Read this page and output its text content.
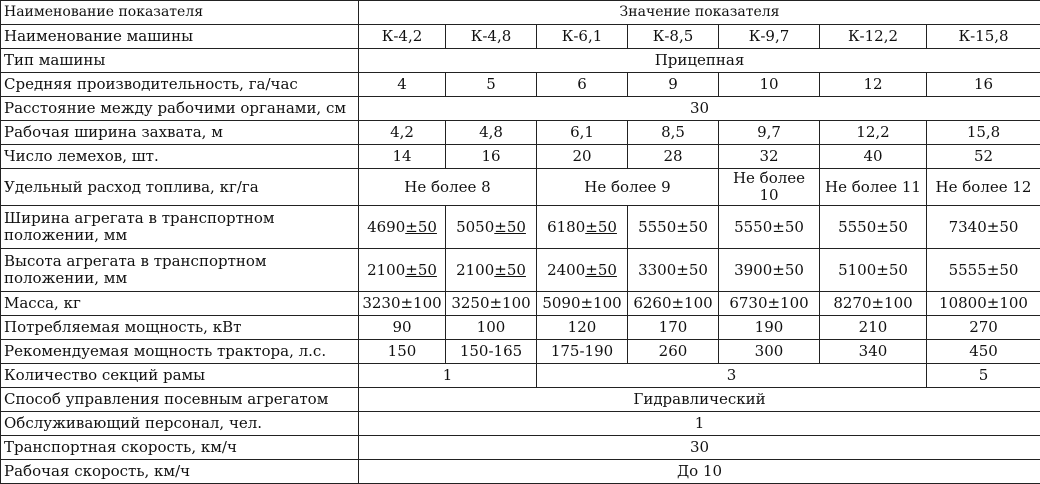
Наименование показателя	Значение показателя						
Наименование машины	К-4,2	К-4,8	К-6,1	К-8,5	К-9,7	К-12,2	К-15,8
Тип машины	Прицепная						
Средняя производительность, га/час	4	5	6	9	10	12	16
Расстояние между рабочими органами, см	30						
Рабочая ширина захвата, м	4,2	4,8	6,1	8,5	9,7	12,2	15,8
Число лемехов, шт.	14	16	20	28	32	40	52
Удельный расход топлива, кг/га	Не более 8		Не более 9		Не более 10	Не более 11	Не более 12
Ширина агрегата в транспортном положении, мм	4690±50	5050±50	6180±50	5550±50	5550±50	5550±50	7340±50
Высота агрегата в транспортном положении, мм	2100±50	2100±50	2400±50	3300±50	3900±50	5100±50	5555±50
Масса, кг	3230±100	3250±100	5090±100	6260±100	6730±100	8270±100	10800±100
Потребляемая мощность, кВт	90	100	120	170	190	210	270
Рекомендуемая мощность трактора, л.с.	150	150-165	175-190	260	300	340	450
Количество секций рамы	1		3				5
Способ управления посевным агрегатом	Гидравлический						
Обслуживающий персонал, чел.	1						
Транспортная скорость, км/ч	30						
Рабочая скорость, км/ч	До 10						
